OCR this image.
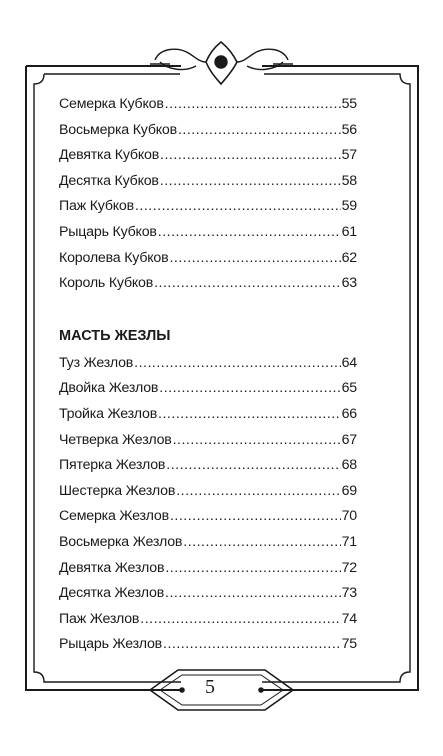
Семерка Кубков .....	55
Восьмерка Кубков .....	56
Девятка Кубков .....	57
Десятка Кубков .....	58
Паж Кубков .....	59
Рыцарь Кубков .....	61
Королева Кубков .....	62
Король Кубков .....	63
МАСТЬ ЖЕЗЛЫ
Туз Жезлов .....	64
Двойка Жезлов .....	65
Тройка Жезлов .....	66
Четверка Жезлов .....	67
Пятерка Жезлов .....	68
Шестерка Жезлов .....	69
Семерка Жезлов .....	70
Восьмерка Жезлов .....	71
Девятка Жезлов .....	72
Десятка Жезлов .....	73
Паж Жезлов .....	74
Рыцарь Жезлов .....	75
5
